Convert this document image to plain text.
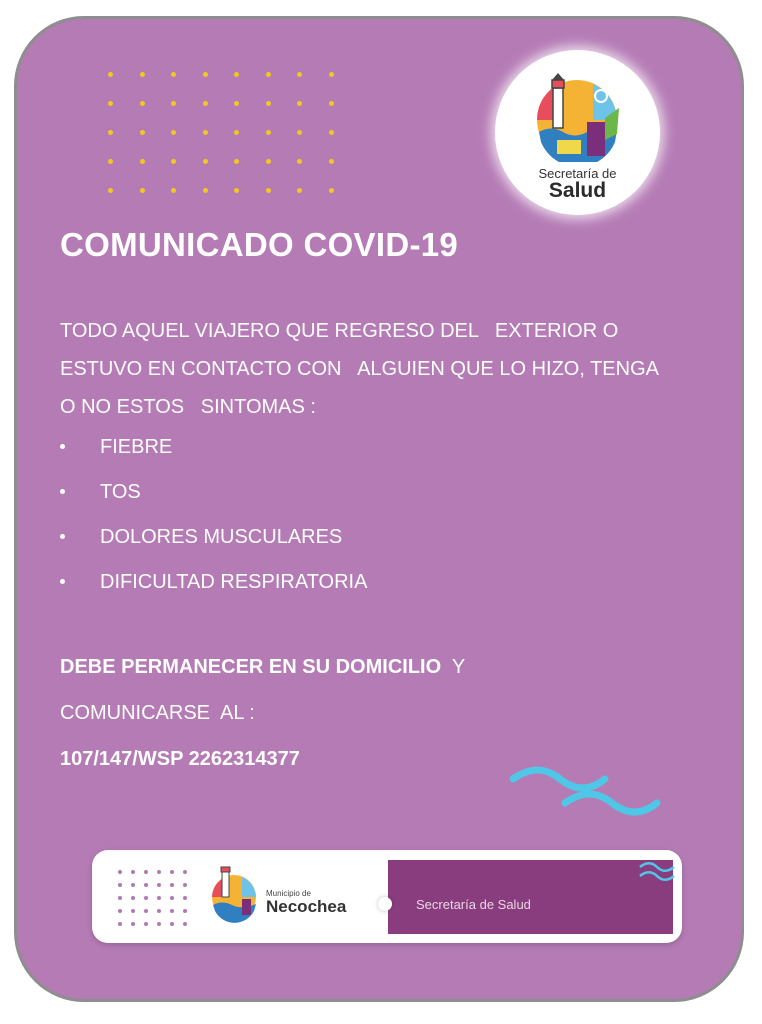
Secretaría de
Salud
COMUNICADO COVID-19
TODO AQUEL VIAJERO QUE REGRESO DEL   EXTERIOR O
ESTUVO EN CONTACTO CON   ALGUIEN QUE LO HIZO, TENGA
O NO ESTOS   SINTOMAS :
FIEBRE
TOS
DOLORES MUSCULARES
DIFICULTAD RESPIRATORIA
DEBE PERMANECER EN SU DOMICILIO  Y
COMUNICARSE  AL :
107/147/WSP 2262314377
Municipio de
Necochea	Secretaría de Salud
